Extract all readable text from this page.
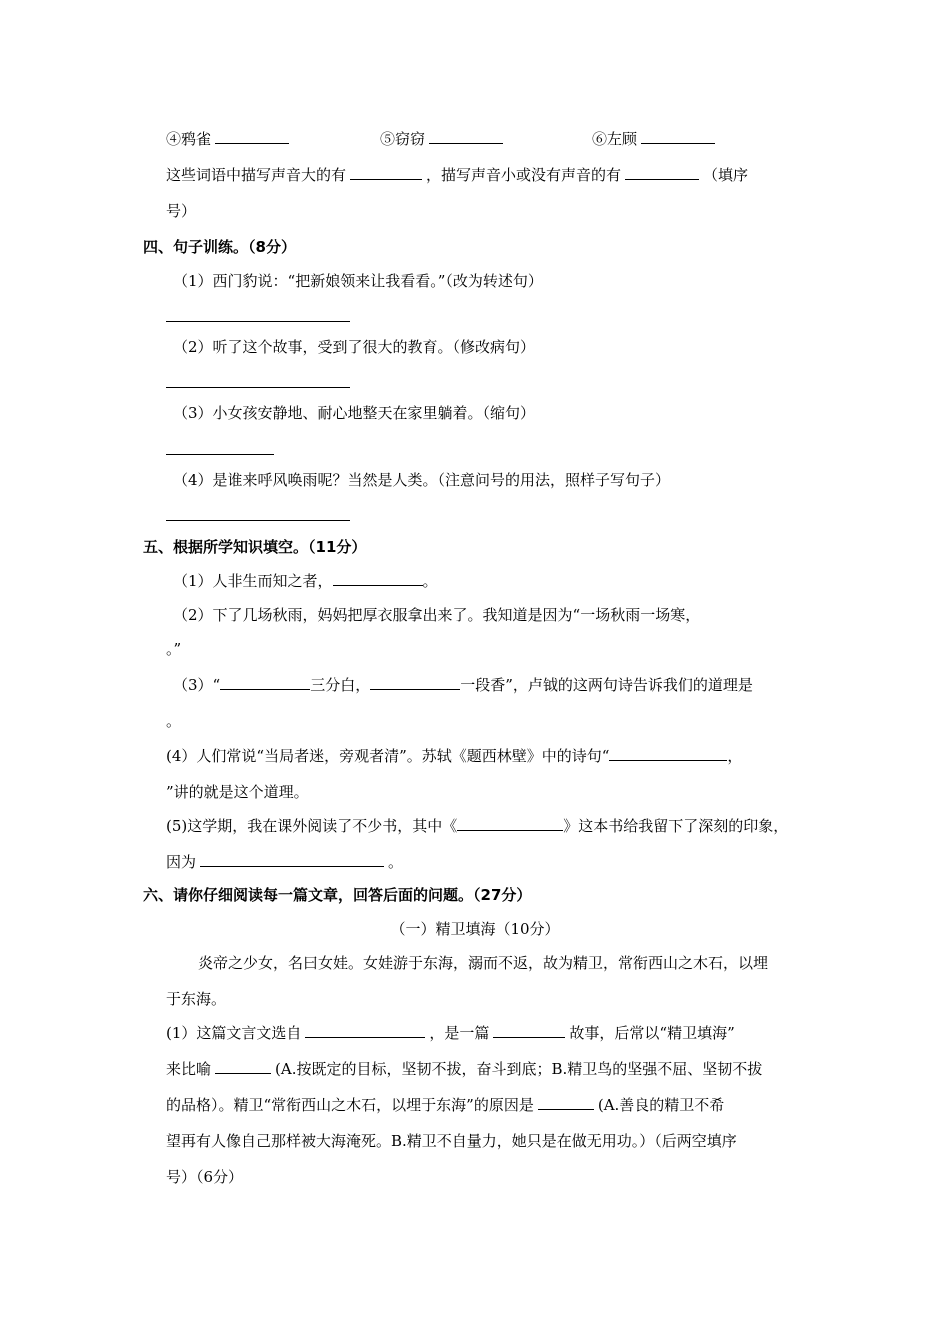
④鸦雀	⑤窃窃	⑥左顾
这些词语中描写声音大的有	，描写声音小或没有声音的有	（填序
号）
四、句子训练。（8分）
（1）西门豹说：“把新娘领来让我看看。”（改为转述句）
（2）听了这个故事，受到了很大的教育。（修改病句）
（3）小女孩安静地、耐心地整天在家里躺着。（缩句）
（4）是谁来呼风唤雨呢？当然是人类。（注意问号的用法，照样子写句子）
五、根据所学知识填空。（11分）
（1）人非生而知之者，	。
（2）下了几场秋雨，妈妈把厚衣服拿出来了。我知道是因为“一场秋雨一场寒，
。”
（3）“	三分白，	一段香”，卢钺的这两句诗告诉我们的道理是
。
(4）人们常说“当局者迷，旁观者清”。苏轼《题西林壁》中的诗句“	，
”讲的就是这个道理。
(5)这学期，我在课外阅读了不少书，其中《	》这本书给我留下了深刻的印象，
因为	。
六、请你仔细阅读每一篇文章，回答后面的问题。（27分）
（一）精卫填海（10分）
炎帝之少女，名曰女娃。女娃游于东海，溺而不返，故为精卫，常衔西山之木石，以埋
于东海。
(1）这篇文言文选自	，是一篇	故事，后常以“精卫填海”
来比喻	(A.按既定的目标，坚韧不拔，奋斗到底；B.精卫鸟的坚强不屈、坚韧不拔
的品格）。精卫“常衔西山之木石，以埋于东海”的原因是	(A.善良的精卫不希
望再有人像自己那样被大海淹死。B.精卫不自量力，她只是在做无用功。）（后两空填序
号）（6分）
